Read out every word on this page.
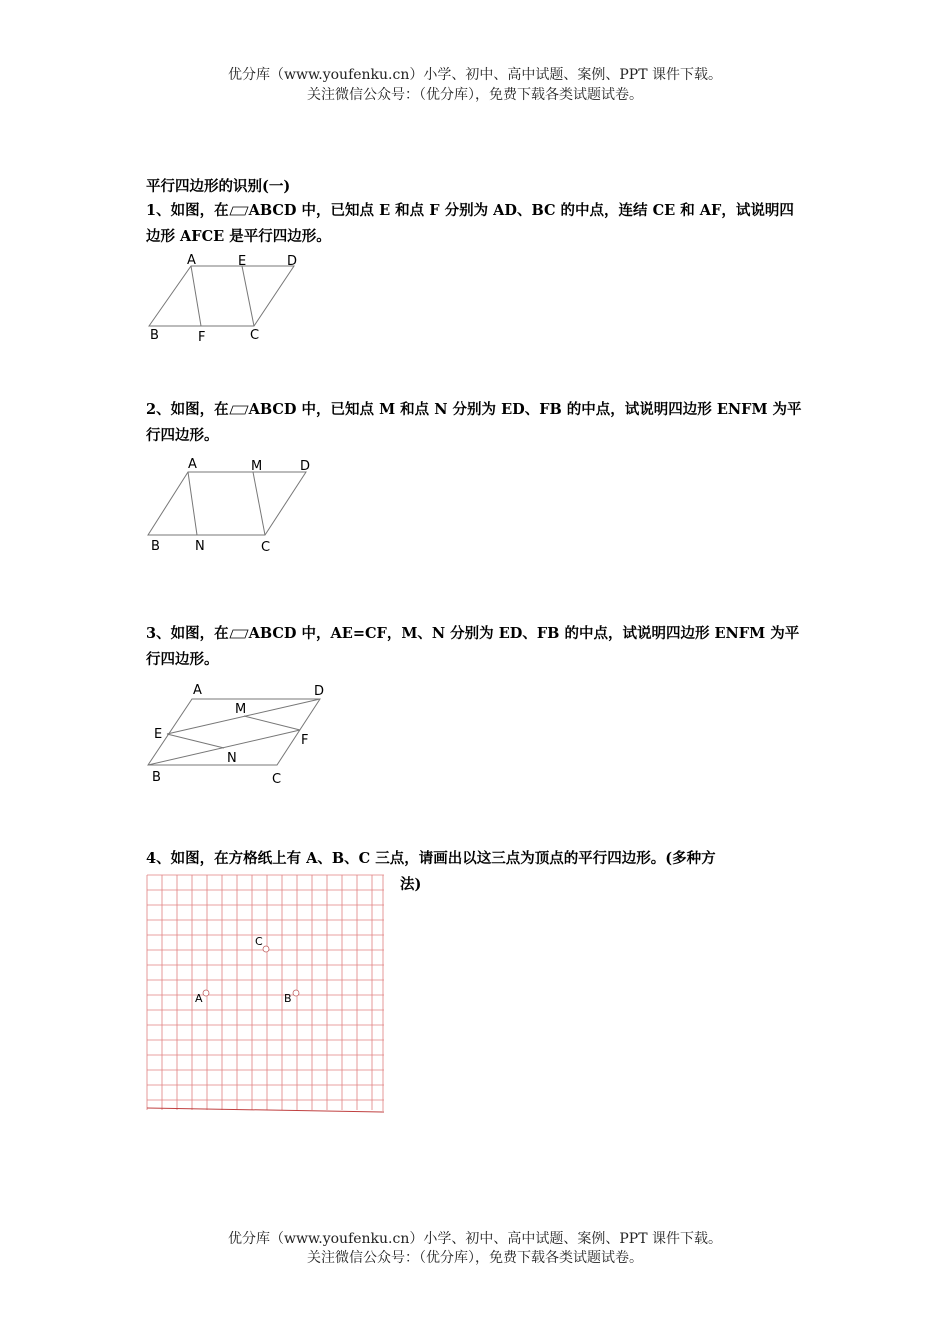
优分库（www.youfenku.cn）小学、初中、高中试题、案例、PPT 课件下载。
关注微信公众号：（优分库），免费下载各类试题试卷。
平行四边形的识别(一)
1、如图，在 ABCD 中，已知点 E 和点 F 分别为 AD、BC 的中点，连结 CE 和 AF，试说明四边形 AFCE 是平行四边形。
A	E	D
B	F	C
2、如图，在 ABCD 中，已知点 M 和点 N 分别为 ED、FB 的中点，试说明四边形 ENFM 为平行四边形。
A	M	D
B	N	C
3、如图，在 ABCD 中，AE=CF，M、N 分别为 ED、FB 的中点，试说明四边形 ENFM 为平行四边形。
A
M
D
E	F
N
B	C
4、如图，在方格纸上有 A、B、C 三点，请画出以这三点为顶点的平行四边形。(多种方
法)
C
A	B
优分库（www.youfenku.cn）小学、初中、高中试题、案例、PPT 课件下载。
关注微信公众号：（优分库），免费下载各类试题试卷。
